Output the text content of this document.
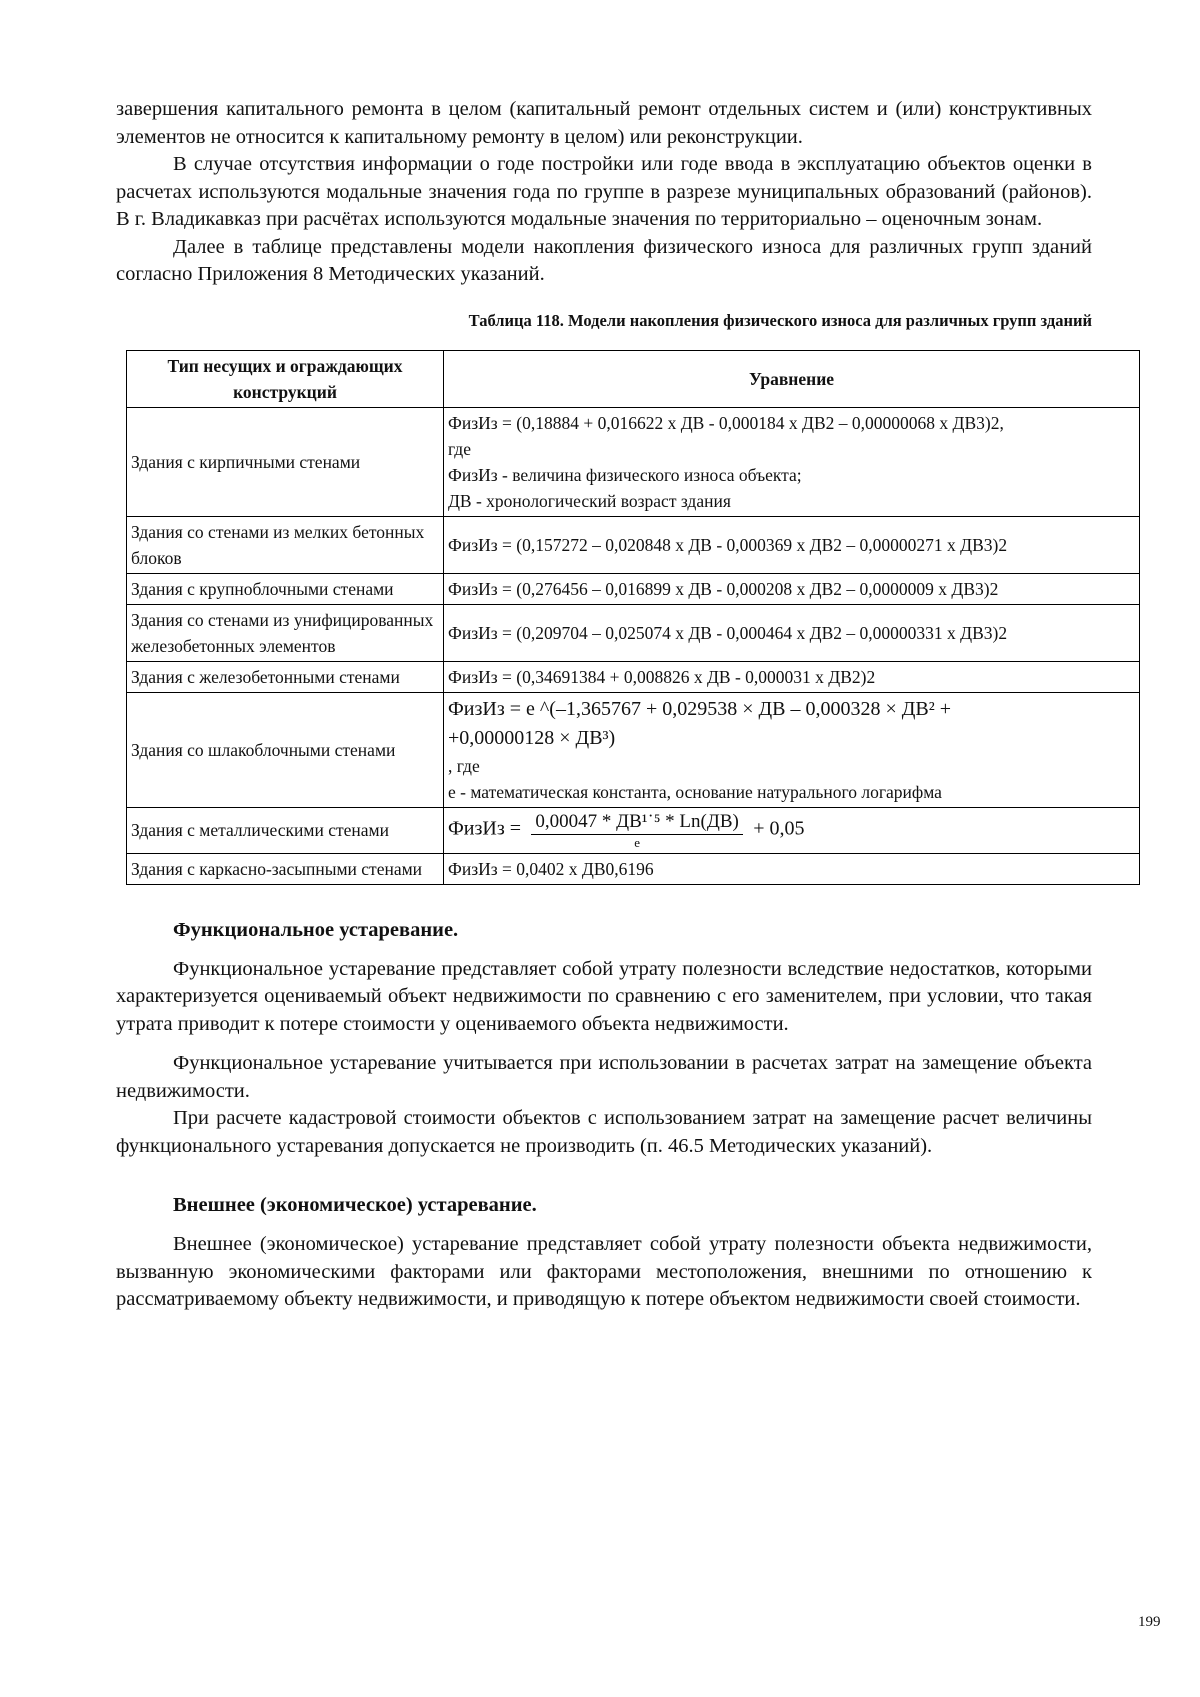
завершения капитального ремонта в целом (капитальный ремонт отдельных систем и (или) конструктивных элементов не относится к капитальному ремонту в целом) или реконструкции.

В случае отсутствия информации о годе постройки или годе ввода в эксплуатацию объектов оценки в расчетах используются модальные значения года по группе в разрезе муниципальных образований (районов). В г. Владикавказ при расчётах используются модальные значения по территориально – оценочным зонам.

Далее в таблице представлены модели накопления физического износа для различных групп зданий согласно Приложения 8 Методических указаний.

Таблица 118. Модели накопления физического износа для различных групп зданий
Тип несущих и ограждающих конструкций	Уравнение
Здания с кирпичными стенами	ФизИз = (0,18884 + 0,016622 х ДВ - 0,000184 х ДВ2 – 0,00000068 х ДВ3)2,
где
ФизИз - величина физического износа объекта;
ДВ - хронологический возраст здания

Здания со стенами из мелких бетонных блоков	ФизИз = (0,157272 – 0,020848 х ДВ - 0,000369 х ДВ2 – 0,00000271 х ДВ3)2
Здания с крупноблочными стенами	ФизИз = (0,276456 – 0,016899 х ДВ - 0,000208 х ДВ2 – 0,0000009 х ДВ3)2
Здания со стенами из унифицированных железобетонных элементов	ФизИз = (0,209704 – 0,025074 х ДВ - 0,000464 х ДВ2 – 0,00000331 х ДВ3)2
Здания с железобетонными стенами	ФизИз = (0,34691384 + 0,008826 х ДВ - 0,000031 х ДВ2)2
Здания со шлакоблочными стенами	ФизИз = e ^(–1,365767 + 0,029538 × ДВ – 0,000328 × ДВ² +
+0,00000128 × ДВ³)
, где
e - математическая константа, основание натурального логарифма

Здания с металлическими стенами	ФизИз = $\frac{\text{0,00047 * ДВ¹˙⁵ * Ln(ДВ)}}{e} + 0,05$
Здания с каркасно-засыпными стенами	ФизИз = 0,0402 х ДВ0,6196
Функциональное устаревание.

Функциональное устаревание представляет собой утрату полезности вследствие недостатков, которыми характеризуется оцениваемый объект недвижимости по сравнению с его заменителем, при условии, что такая утрата приводит к потере стоимости у оцениваемого объекта недвижимости.

Функциональное устаревание учитывается при использовании в расчетах затрат на замещение объекта недвижимости.

При расчете кадастровой стоимости объектов с использованием затрат на замещение расчет величины функционального устаревания допускается не производить (п. 46.5 Методических указаний).

Внешнее (экономическое) устаревание.

Внешнее (экономическое) устаревание представляет собой утрату полезности объекта недвижимости, вызванную экономическими факторами или факторами местоположения, внешними по отношению к рассматриваемому объекту недвижимости, и приводящую к потере объектом недвижимости своей стоимости.

199
